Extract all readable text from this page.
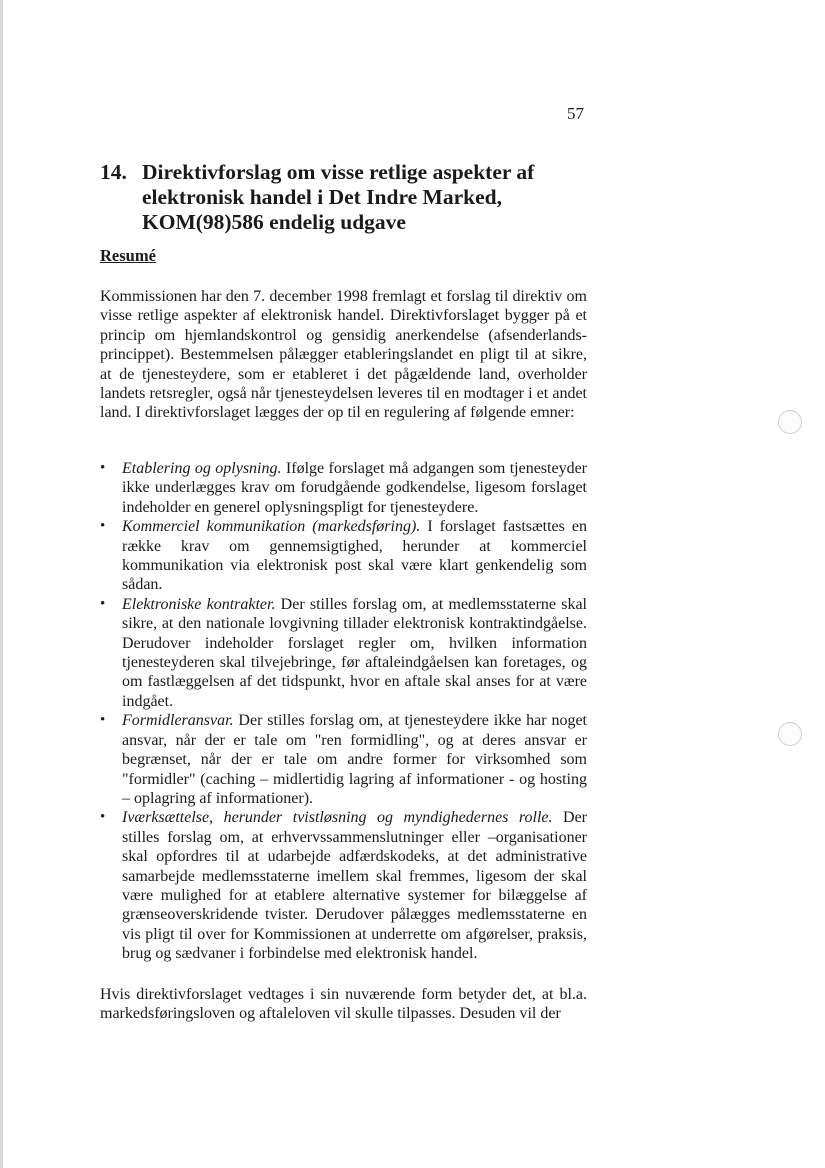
57
14. Direktivforslag om visse retlige aspekter af elektronisk handel i Det Indre Marked, KOM(98)586 endelig udgave
Resumé

Kommissionen har den 7. december 1998 fremlagt et forslag til direktiv om visse retlige aspekter af elektronisk handel. Direktivforslaget bygger på et princip om hjemlandskontrol og gensidig anerkendelse (afsenderlands-princippet). Bestemmelsen pålægger etableringslandet en pligt til at sikre, at de tjenesteydere, som er etableret i det pågældende land, overholder landets retsregler, også når tjenesteydelsen leveres til en modtager i et andet land. I direktivforslaget lægges der op til en regulering af følgende emner:

• Etablering og oplysning. Ifølge forslaget må adgangen som tjenesteyder ikke underlægges krav om forudgående godkendelse, ligesom forslaget indeholder en generel oplysningspligt for tjenesteydere.
• Kommerciel kommunikation (markedsføring). I forslaget fastsættes en række krav om gennemsigtighed, herunder at kommerciel kommunikation via elektronisk post skal være klart genkendelig som sådan.
• Elektroniske kontrakter. Der stilles forslag om, at medlemsstaterne skal sikre, at den nationale lovgivning tillader elektronisk kontraktindgåelse. Derudover indeholder forslaget regler om, hvilken information tjenesteyderen skal tilvejebringe, før aftaleindgåelsen kan foretages, og om fastlæggelsen af det tidspunkt, hvor en aftale skal anses for at være indgået.
• Formidleransvar. Der stilles forslag om, at tjenesteydere ikke har noget ansvar, når der er tale om "ren formidling", og at deres ansvar er begrænset, når der er tale om andre former for virksomhed som "formidler" (caching – midlertidig lagring af informationer - og hosting – oplagring af informationer).
• Iværksættelse, herunder tvistløsning og myndighedernes rolle. Der stilles forslag om, at erhvervssammenslutninger eller –organisationer skal opfordres til at udarbejde adfærdskodeks, at det administrative samarbejde medlemsstaterne imellem skal fremmes, ligesom der skal være mulighed for at etablere alternative systemer for bilæggelse af grænseoverskridende tvister. Derudover pålægges medlemsstaterne en vis pligt til over for Kommissionen at underrette om afgørelser, praksis, brug og sædvaner i forbindelse med elektronisk handel.

Hvis direktivforslaget vedtages i sin nuværende form betyder det, at bl.a. markedsføringsloven og aftaleloven vil skulle tilpasses. Desuden vil der
